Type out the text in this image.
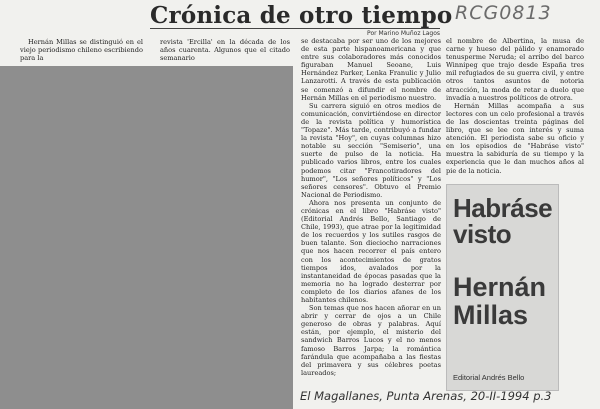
Crónica de otro tiempo RCG0813
Por Marino Muñoz Lagos

Hernán Millas se distinguió en el viejo periodismo chileno escribiendo para la

revista 'Ercilla' en la década de los años cuarenta. Algunos que el citado semanario

se destacaba por ser uno de los mejores de esta parte hispanoamericana y que entre sus colaboradores más conocidos figuraban Manuel Seoane, Luis Hernández Parker, Lenka Franulic y Julio Lanzarotti. A través de esta publicación se comenzó a difundir el nombre de Hernán Millas en el periodismo nuestro.

Su carrera siguió en otros medios de comunicación, convirtiéndose en director de la revista política y humorística "Topaze". Más tarde, contribuyó a fundar la revista "Hoy", en cuyas columnas hizo notable su sección "Semiserio", una suerte de pulso de la noticia. Ha publicado varios libros, entre los cuales podemos citar "Francotiradores del humor", "Los señores políticos" y "Los señores censores". Obtuvo el Premio Nacional de Periodismo.

Ahora nos presenta un conjunto de crónicas en el libro "Habráse visto" (Editorial Andrés Bello, Santiago de Chile, 1993), que atrae por la legitimidad de los recuerdos y los sutiles rasgos de buen talante. Son dieciocho narraciones que nos hacen recorrer el país entero con los acontecimientos de gratos tiempos idos, avalados por la instantaneidad de épocas pasadas que la memoria no ha logrado desterrar por completo de los diarios afanes de los habitantes chilenos.

Son temas que nos hacen añorar en un abrir y cerrar de ojos a un Chile generoso de obras y palabras. Aquí están, por ejemplo, el misterio del sandwich Barros Lucos y el no menos famoso Barros Jarpa; la romántica farándula que acompañaba a las fiestas del primavera y sus célebres poetas laureados;

el nombre de Albertina, la musa de carne y hueso del pálido y enamorado tenusperme Neruda; el arribo del barco Winnipeg que trajo desde España tres mil refugiados de su guerra civil, y entre otros tantos asuntos de notoria atracción, la moda de retar a duelo que invadía a nuestros políticos de otrora.

Hernán Millas acompaña a sus lectores con un celo profesional a través de las doscientas treinta páginas del libro, que se lee con interés y suma atención. El periodista sabe su oficio y en los episodios de "Habráse visto" muestra la sabiduría de su tiempo y la experiencia que le dan muchos años al pie de la noticia.

Habráse visto
Hernán Millas
Editorial Andrés Bello
El Magallanes, Punta Arenas, 20-II-1994 p.3
